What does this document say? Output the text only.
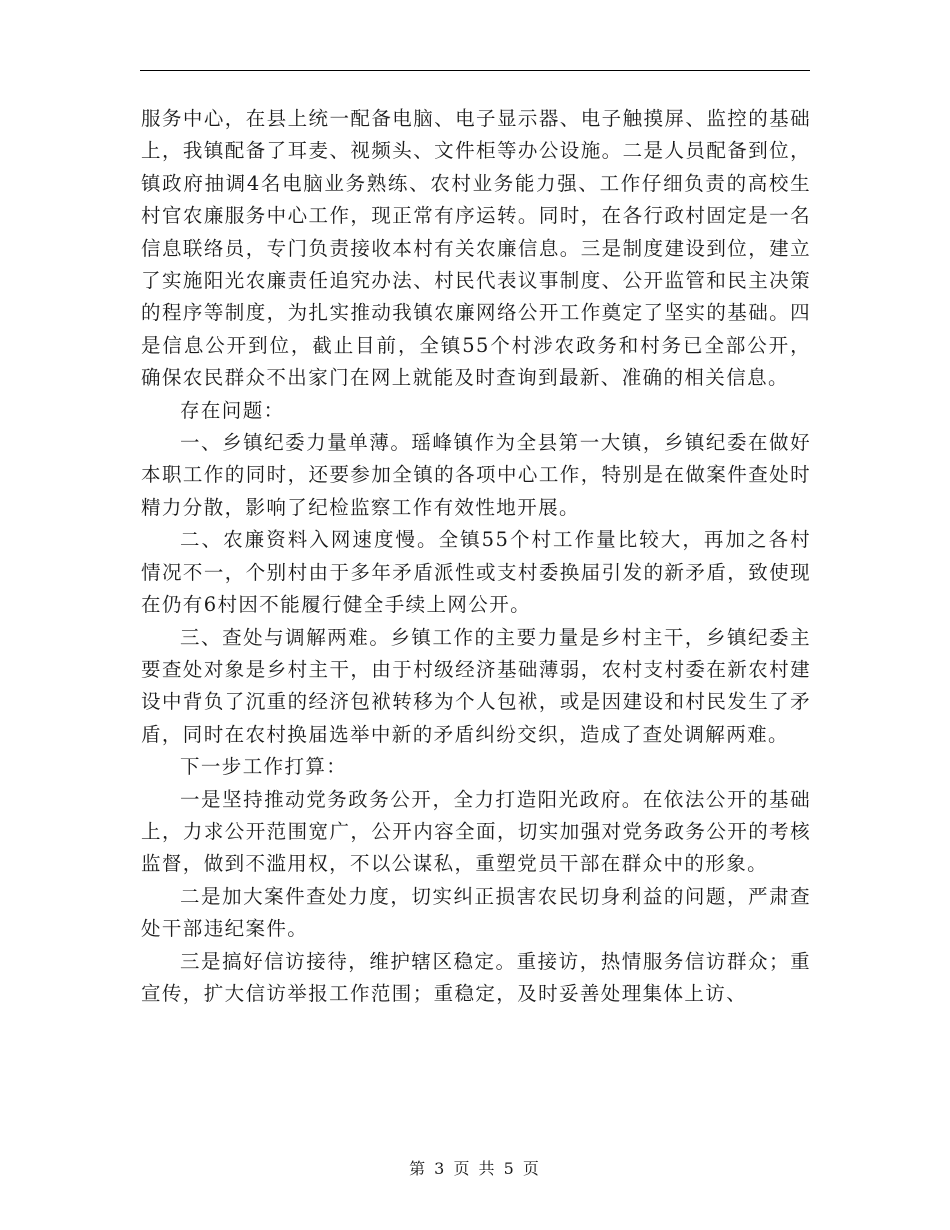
服务中心，在县上统一配备电脑、电子显示器、电子触摸屏、监控的基础上，我镇配备了耳麦、视频头、文件柜等办公设施。二是人员配备到位，镇政府抽调4名电脑业务熟练、农村业务能力强、工作仔细负责的高校生村官农廉服务中心工作，现正常有序运转。同时，在各行政村固定是一名信息联络员，专门负责接收本村有关农廉信息。三是制度建设到位，建立了实施阳光农廉责任追究办法、村民代表议事制度、公开监管和民主决策的程序等制度，为扎实推动我镇农廉网络公开工作奠定了坚实的基础。四是信息公开到位，截止目前，全镇55个村涉农政务和村务已全部公开，确保农民群众不出家门在网上就能及时查询到最新、准确的相关信息。

存在问题：

一、乡镇纪委力量单薄。瑶峰镇作为全县第一大镇，乡镇纪委在做好本职工作的同时，还要参加全镇的各项中心工作，特别是在做案件查处时精力分散，影响了纪检监察工作有效性地开展。

二、农廉资料入网速度慢。全镇55个村工作量比较大，再加之各村情况不一，个别村由于多年矛盾派性或支村委换届引发的新矛盾，致使现在仍有6村因不能履行健全手续上网公开。

三、查处与调解两难。乡镇工作的主要力量是乡村主干，乡镇纪委主要查处对象是乡村主干，由于村级经济基础薄弱，农村支村委在新农村建设中背负了沉重的经济包袱转移为个人包袱，或是因建设和村民发生了矛盾，同时在农村换届选举中新的矛盾纠纷交织，造成了查处调解两难。

下一步工作打算：

一是坚持推动党务政务公开，全力打造阳光政府。在依法公开的基础上，力求公开范围宽广，公开内容全面，切实加强对党务政务公开的考核监督，做到不滥用权，不以公谋私，重塑党员干部在群众中的形象。

二是加大案件查处力度，切实纠正损害农民切身利益的问题，严肃查处干部违纪案件。

三是搞好信访接待，维护辖区稳定。重接访，热情服务信访群众；重宣传，扩大信访举报工作范围；重稳定，及时妥善处理集体上访、

第 3 页 共 5 页
